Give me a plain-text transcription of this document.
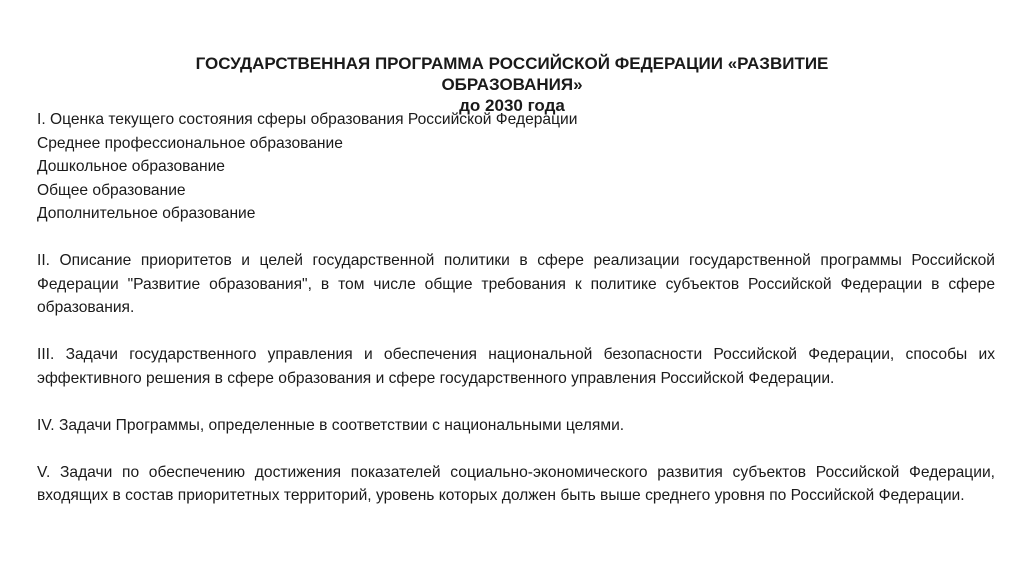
ГОСУДАРСТВЕННАЯ ПРОГРАММА РОССИЙСКОЙ ФЕДЕРАЦИИ «РАЗВИТИЕ
ОБРАЗОВАНИЯ»
до 2030 года
I. Оценка текущего состояния сферы образования Российской Федерации
Среднее профессиональное образование
Дошкольное образование
Общее образование
Дополнительное образование
II. Описание приоритетов и целей государственной политики в сфере реализации государственной программы Российской Федерации "Развитие образования", в том числе общие требования к политике субъектов Российской Федерации в сфере образования.
III. Задачи государственного управления и обеспечения национальной безопасности Российской Федерации, способы их эффективного решения в сфере образования и сфере государственного управления Российской Федерации.
IV. Задачи Программы, определенные в соответствии с национальными целями.
V. Задачи по обеспечению достижения показателей социально-экономического развития субъектов Российской Федерации, входящих в состав приоритетных территорий, уровень которых должен быть выше среднего уровня по Российской Федерации.
